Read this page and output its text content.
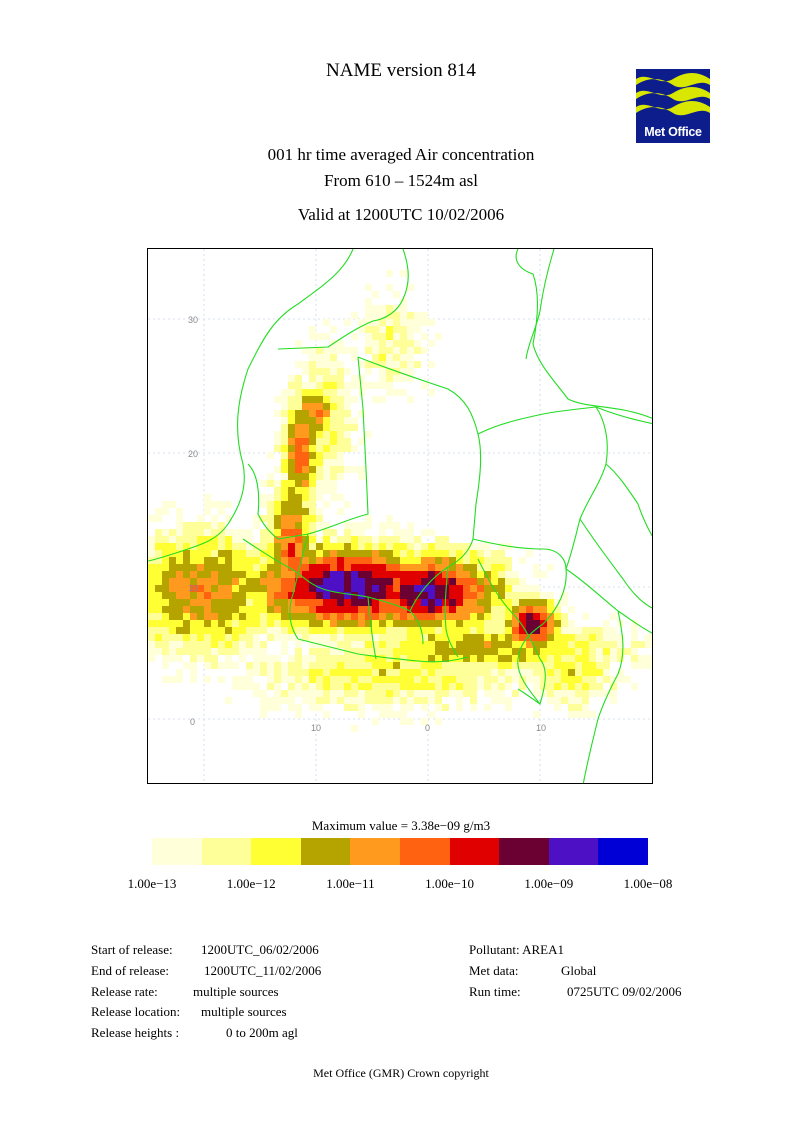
NAME version 814
Met Office
001 hr time averaged Air concentration
From 610 – 1524m asl
Valid at 1200UTC 10/02/2006
30
20
10
0
10	0	10
Maximum value = 3.38e−09 g/m3
1.00e−13	1.00e−12	1.00e−11	1.00e−10	1.00e−09	1.00e−08
Start of release: 1200UTC_06/02/2006
End of release:	1200UTC_11/02/2006
Release rate:	multiple sources
Release location: multiple sources
Release heights :	0 to 200m agl
Pollutant: AREA1
Met data:	Global
Run time:	0725UTC 09/02/2006
Met Office (GMR) Crown copyright
